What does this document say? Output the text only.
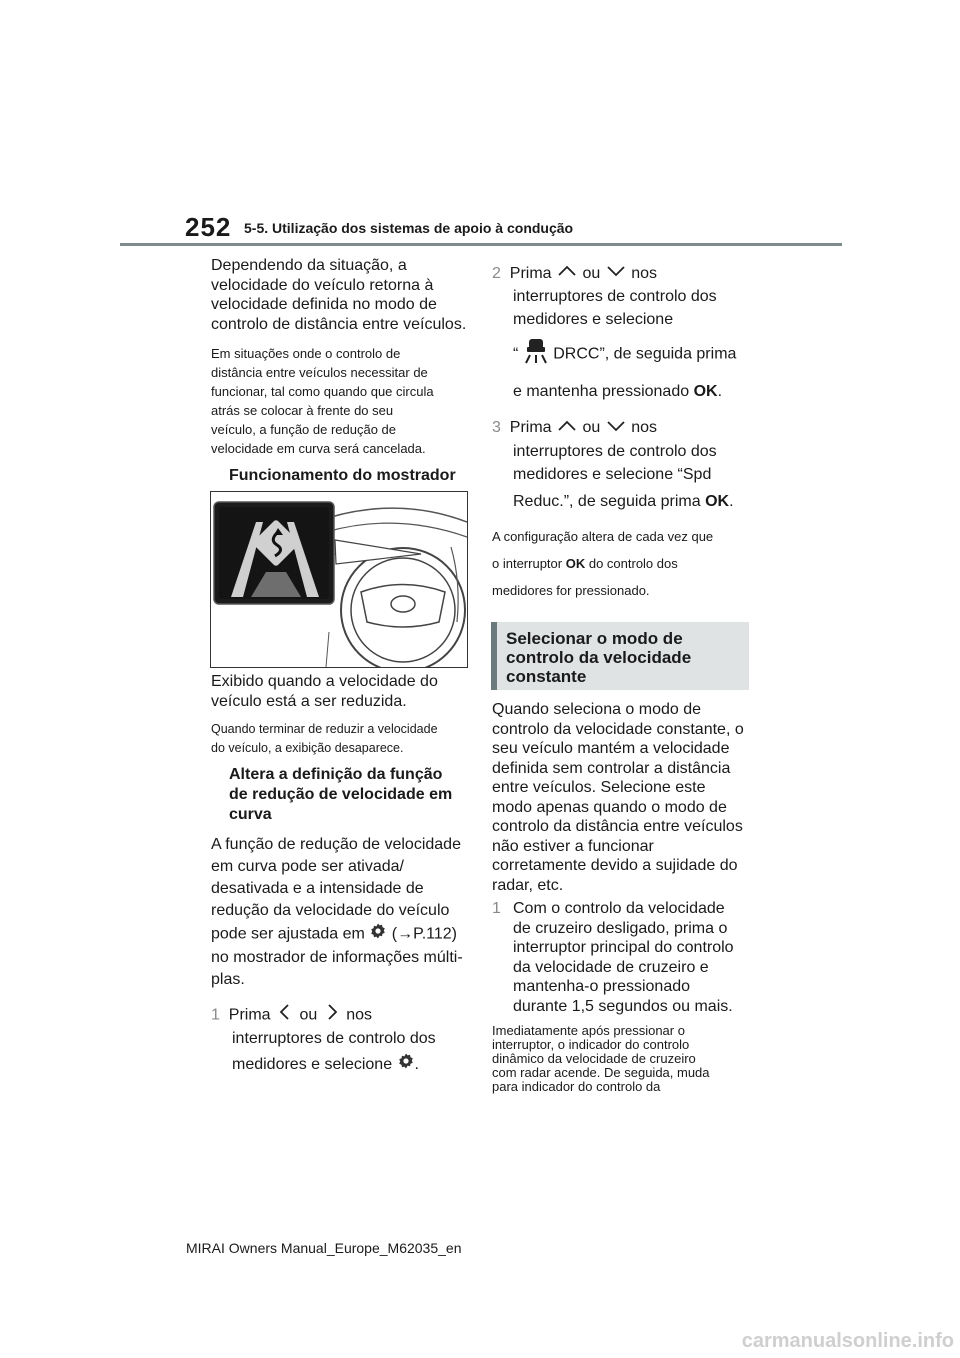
252 5-5. Utilização dos sistemas de apoio à condução

Dependendo da situação, a
velocidade do veículo retorna à
velocidade definida no modo de
controlo de distância entre veículos.

Em situações onde o controlo de
distância entre veículos necessitar de
funcionar, tal como quando que circula
atrás se colocar à frente do seu
veículo, a função de redução de
velocidade em curva será cancelada.

Funcionamento do mostrador

Exibido quando a velocidade do
veículo está a ser reduzida.

Quando terminar de reduzir a velocidade
do veículo, a exibição desaparece.

Altera a definição da função
de redução de velocidade em
curva
A função de redução de velocidade
em curva pode ser ativada/
desativada e a intensidade de
redução da velocidade do veículo
pode ser ajustada em (→P.112)
no mostrador de informações múlti-
plas.
1 Prima ou nos
interruptores de controlo dos
medidores e selecione .
2 Prima ou nos
interruptores de controlo dos
medidores e selecione

“ DRCC”, de seguida prima
e mantenha pressionado OK.
3 Prima ou nos
interruptores de controlo dos
medidores e selecione “Spd

Reduc.”, de seguida prima OK.
A configuração altera de cada vez que
o interruptor OK do controlo dos
medidores for pressionado.
Selecionar o modo de
controlo da velocidade
constante

Quando seleciona o modo de
controlo da velocidade constante, o
seu veículo mantém a velocidade
definida sem controlar a distância
entre veículos. Selecione este
modo apenas quando o modo de
controlo da distância entre veículos
não estiver a funcionar
corretamente devido a sujidade do
radar, etc.

1 Com o controlo da velocidade
de cruzeiro desligado, prima o
interruptor principal do controlo
da velocidade de cruzeiro e
mantenha-o pressionado
durante 1,5 segundos ou mais.

Imediatamente após pressionar o
interruptor, o indicador do controlo
dinâmico da velocidade de cruzeiro
com radar acende. De seguida, muda
para indicador do controlo da

MIRAI Owners Manual_Europe_M62035_en
carmanualsonline.info
